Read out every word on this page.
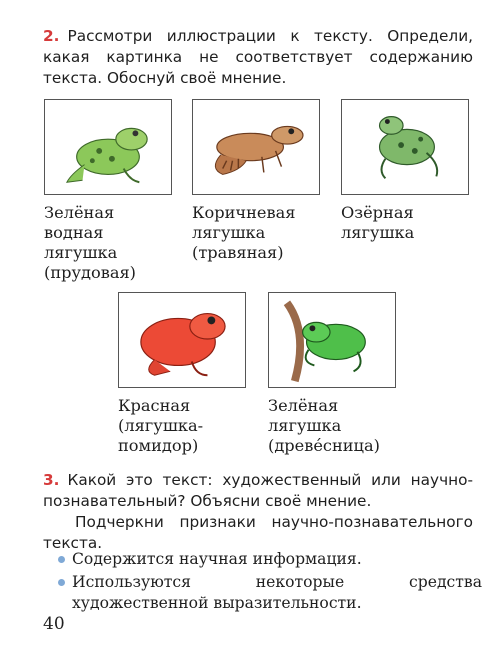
2. Рассмотри иллюстрации к тексту. Определи, какая картинка не соответствует содержанию текста. Обоснуй своё мнение.

Зелёная
водная
лягушка
(прудовая)

Коричневая
лягушка
(травяная)

Озёрная
лягушка

Красная
(лягушка-
помидор)

Зелёная
лягушка
(древе́сница)

3. Какой это текст: художественный или научно-познавательный? Объясни своё мнение.

Подчеркни признаки научно-познавательного текста.

Содержится научная информация.
Используются некоторые средства художественной выразительности.
40
